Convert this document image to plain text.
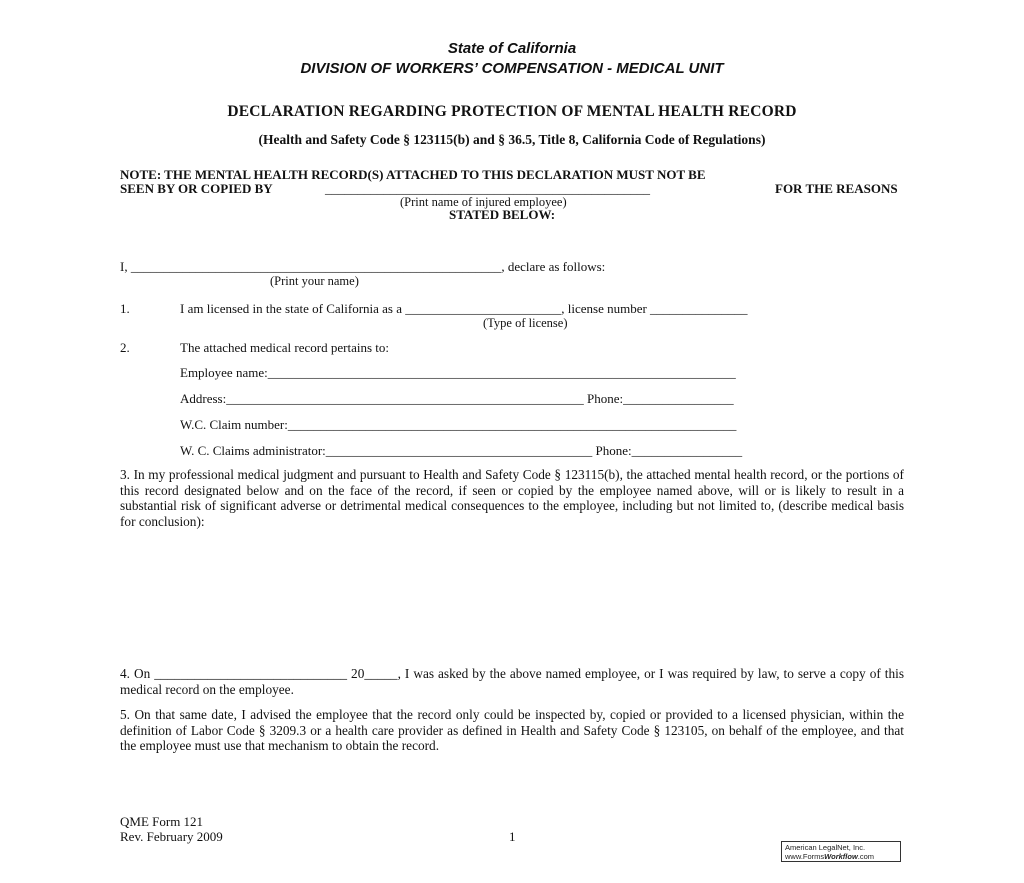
State of California
DIVISION OF WORKERS’ COMPENSATION - MEDICAL UNIT
DECLARATION REGARDING PROTECTION OF MENTAL HEALTH RECORD
(Health and Safety Code § 123115(b) and § 36.5, Title 8, California Code of Regulations)
NOTE: THE MENTAL HEALTH RECORD(S) ATTACHED TO THIS DECLARATION MUST NOT BE
SEEN BY OR COPIED BY	__________________________________________________	FOR THE REASONS
(Print name of injured employee)
STATED BELOW:
I, _________________________________________________________, declare as follows:
(Print your name)
1.	I am licensed in the state of California as a ________________________, license number _______________
(Type of license)
2.	The attached medical record pertains to:
Employee name:________________________________________________________________________
Address:_______________________________________________________ Phone:_________________
W.C. Claim number:_____________________________________________________________________
W. C. Claims administrator:_________________________________________ Phone:_________________
3. In my professional medical judgment and pursuant to Health and Safety Code § 123115(b), the attached mental health record, or the portions of this record designated below and on the face of the record, if seen or copied by the employee named above, will or is likely to result in a substantial risk of significant adverse or detrimental medical consequences to the employee, including but not limited to, (describe medical basis for conclusion):
4. On _____________________________ 20_____, I was asked by the above named employee, or I was required by law, to serve a copy of this medical record on the employee.
5. On that same date, I advised the employee that the record only could be inspected by, copied or provided to a licensed physician, within the definition of Labor Code § 3209.3 or a health care provider as defined in Health and Safety Code § 123105, on behalf of the employee, and that the employee must use that mechanism to obtain the record.
QME Form 121
Rev. February 2009	1
American LegalNet, Inc.
www.FormsWorkflow.com
